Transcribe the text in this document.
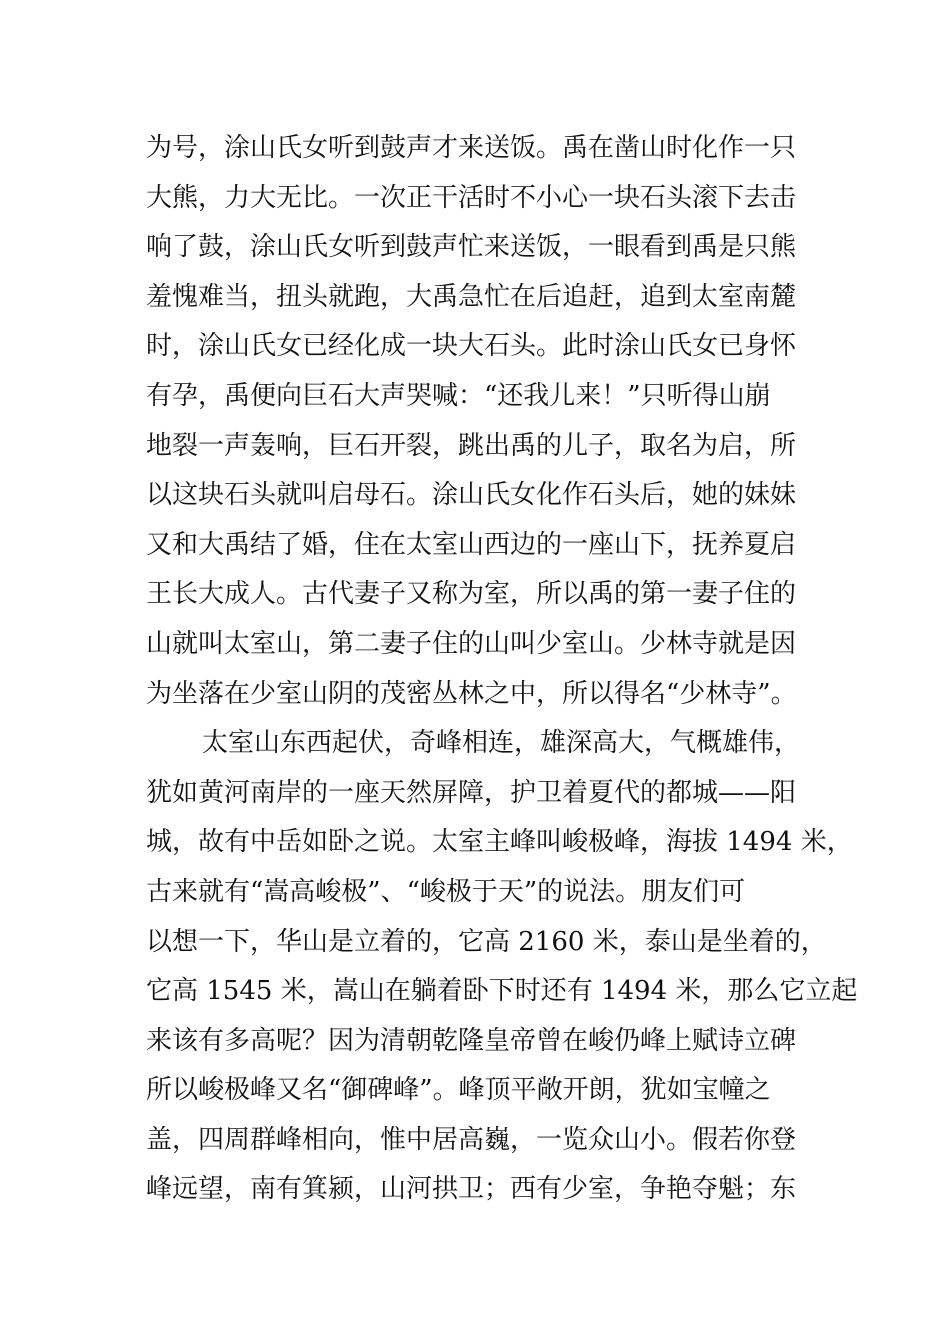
为号，涂山氏女听到鼓声才来送饭。禹在凿山时化作一只
大熊，力大无比。一次正干活时不小心一块石头滚下去击
响了鼓，涂山氏女听到鼓声忙来送饭，一眼看到禹是只熊
羞愧难当，扭头就跑，大禹急忙在后追赶，追到太室南麓
时，涂山氏女已经化成一块大石头。此时涂山氏女已身怀
有孕，禹便向巨石大声哭喊：“还我儿来！”只听得山崩
地裂一声轰响，巨石开裂，跳出禹的儿子，取名为启，所
以这块石头就叫启母石。涂山氏女化作石头后，她的妹妹
又和大禹结了婚，住在太室山西边的一座山下，抚养夏启
王长大成人。古代妻子又称为室，所以禹的第一妻子住的
山就叫太室山，第二妻子住的山叫少室山。少林寺就是因
为坐落在少室山阴的茂密丛林之中，所以得名“少林寺”。
太室山东西起伏，奇峰相连，雄深高大，气概雄伟，
犹如黄河南岸的一座天然屏障，护卫着夏代的都城——阳
城，故有中岳如卧之说。太室主峰叫峻极峰，海拔 1494 米，
古来就有“嵩高峻极”、“峻极于天”的说法。朋友们可
以想一下，华山是立着的，它高 2160 米，泰山是坐着的，
它高 1545 米，嵩山在躺着卧下时还有 1494 米，那么它立起
来该有多高呢？因为清朝乾隆皇帝曾在峻仍峰上赋诗立碑
所以峻极峰又名“御碑峰”。峰顶平敞开朗，犹如宝幢之
盖，四周群峰相向，惟中居高巍，一览众山小。假若你登
峰远望，南有箕颍，山河拱卫；西有少室，争艳夺魁；东
